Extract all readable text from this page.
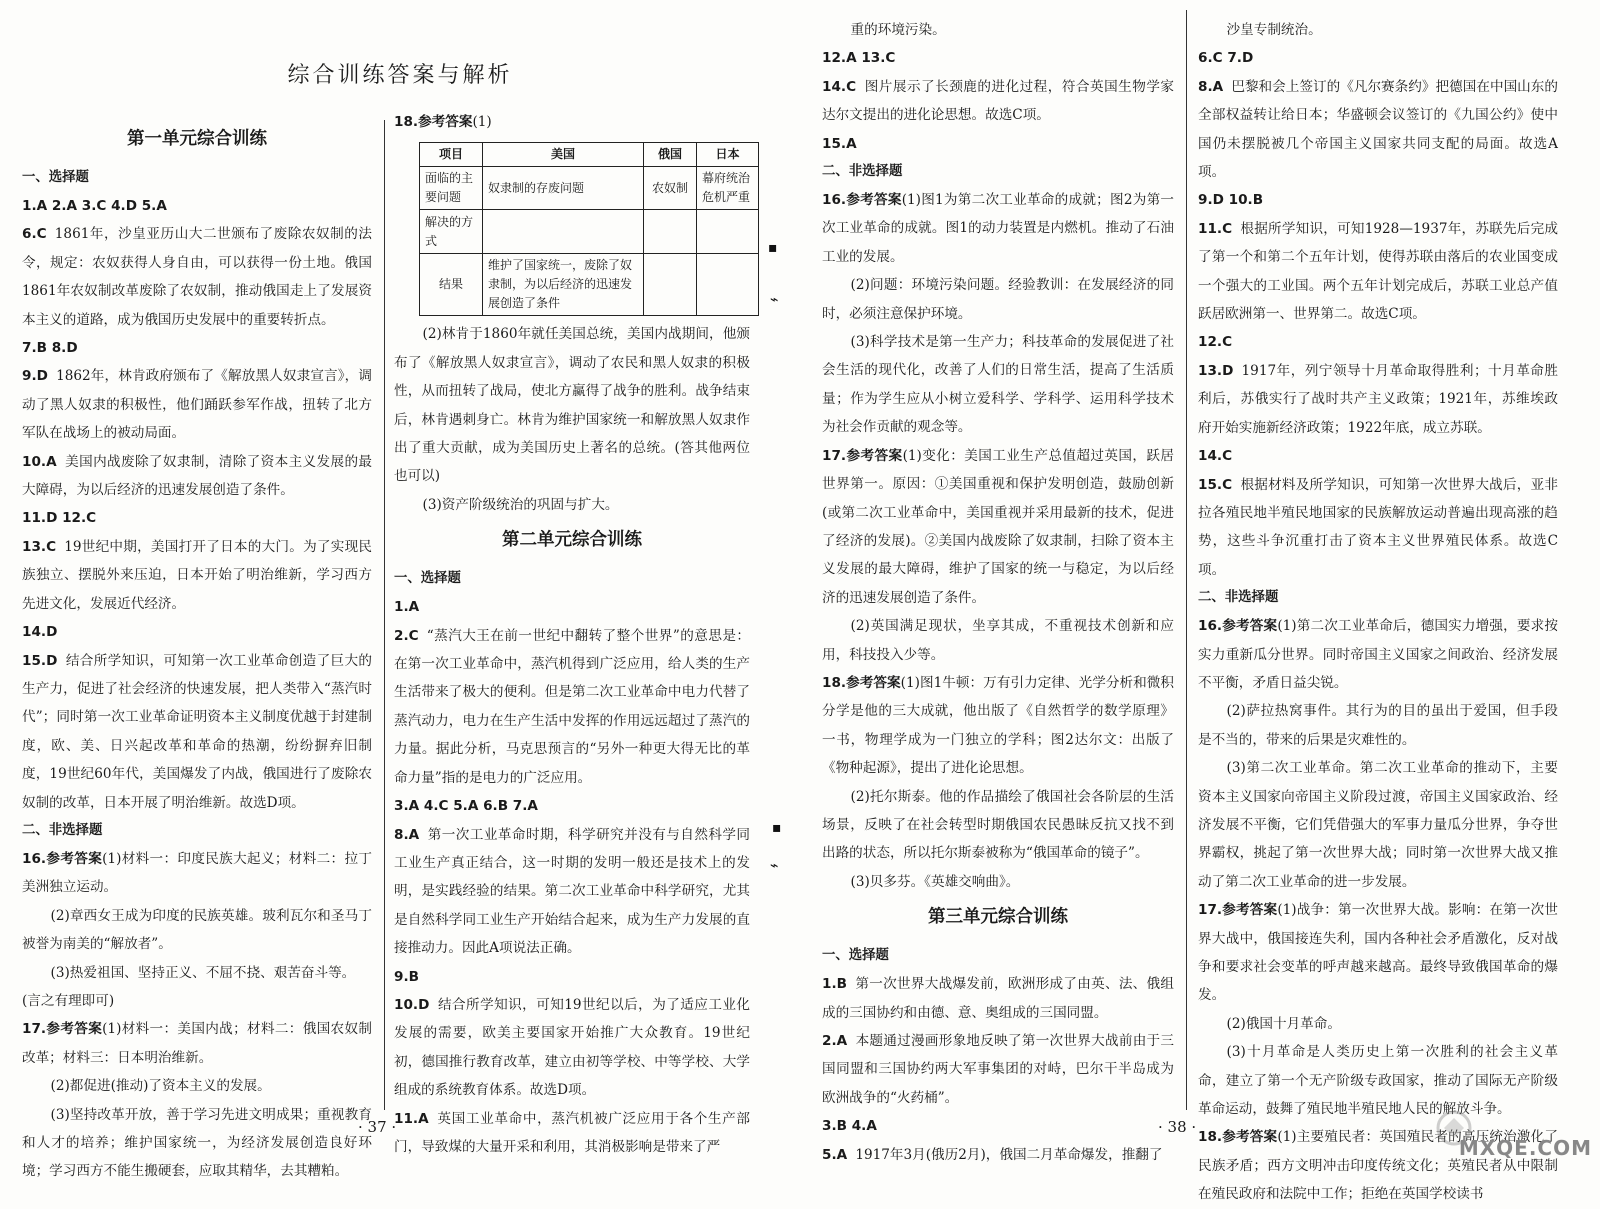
综合训练答案与解析
第一单元综合训练

一、选择题

1.A 2.A 3.C 4.D 5.A

6.C 1861年，沙皇亚历山大二世颁布了废除农奴制的法令，规定：农奴获得人身自由，可以获得一份土地。俄国1861年农奴制改革废除了农奴制，推动俄国走上了发展资本主义的道路，成为俄国历史发展中的重要转折点。

7.B 8.D

9.D 1862年，林肯政府颁布了《解放黑人奴隶宣言》，调动了黑人奴隶的积极性，他们踊跃参军作战，扭转了北方军队在战场上的被动局面。

10.A 美国内战废除了奴隶制，清除了资本主义发展的最大障碍，为以后经济的迅速发展创造了条件。

11.D 12.C

13.C 19世纪中期，美国打开了日本的大门。为了实现民族独立、摆脱外来压迫，日本开始了明治维新，学习西方先进文化，发展近代经济。

14.D

15.D 结合所学知识，可知第一次工业革命创造了巨大的生产力，促进了社会经济的快速发展，把人类带入“蒸汽时代”；同时第一次工业革命证明资本主义制度优越于封建制度，欧、美、日兴起改革和革命的热潮，纷纷摒弃旧制度，19世纪60年代，美国爆发了内战，俄国进行了废除农奴制的改革，日本开展了明治维新。故选D项。

二、非选择题

16.参考答案(1)材料一：印度民族大起义；材料二：拉丁美洲独立运动。

(2)章西女王成为印度的民族英雄。玻利瓦尔和圣马丁被誉为南美的“解放者”。

(3)热爱祖国、坚持正义、不屈不挠、艰苦奋斗等。

(言之有理即可)

17.参考答案(1)材料一：美国内战；材料二：俄国农奴制改革；材料三：日本明治维新。

(2)都促进(推动)了资本主义的发展。

(3)坚持改革开放，善于学习先进文明成果；重视教育和人才的培养；维护国家统一，为经济发展创造良好环境；学习西方不能生搬硬套，应取其精华，去其糟粕。

18.参考答案(1)

项目	美国	俄国	日本
面临的主要问题	奴隶制的存废问题	农奴制	幕府统治危机严重
解决的方式			
结果	维护了国家统一，废除了奴隶制，为以后经济的迅速发展创造了条件		

(2)林肯于1860年就任美国总统，美国内战期间，他颁布了《解放黑人奴隶宣言》，调动了农民和黑人奴隶的积极性，从而扭转了战局，使北方赢得了战争的胜利。战争结束后，林肯遇刺身亡。林肯为维护国家统一和解放黑人奴隶作出了重大贡献，成为美国历史上著名的总统。(答其他两位也可以)

(3)资产阶级统治的巩固与扩大。

第二单元综合训练

一、选择题

1.A

2.C “蒸汽大王在前一世纪中翻转了整个世界”的意思是：在第一次工业革命中，蒸汽机得到广泛应用，给人类的生产生活带来了极大的便利。但是第二次工业革命中电力代替了蒸汽动力，电力在生产生活中发挥的作用远远超过了蒸汽的力量。据此分析，马克思预言的“另外一种更大得无比的革命力量”指的是电力的广泛应用。

3.A 4.C 5.A 6.B 7.A

8.A 第一次工业革命时期，科学研究并没有与自然科学同工业生产真正结合，这一时期的发明一般还是技术上的发明，是实践经验的结果。第二次工业革命中科学研究，尤其是自然科学同工业生产开始结合起来，成为生产力发展的直接推动力。因此A项说法正确。

9.B

10.D 结合所学知识，可知19世纪以后，为了适应工业化发展的需要，欧美主要国家开始推广大众教育。19世纪初，德国推行教育改革，建立由初等学校、中等学校、大学组成的系统教育体系。故选D项。

11.A 英国工业革命中，蒸汽机被广泛应用于各个生产部门，导致煤的大量开采和利用，其消极影响是带来了严

· 37 ·
▪
⌁
▪
⌁

重的环境污染。

12.A 13.C

14.C 图片展示了长颈鹿的进化过程，符合英国生物学家达尔文提出的进化论思想。故选C项。

15.A

二、非选择题

16.参考答案(1)图1为第二次工业革命的成就；图2为第一次工业革命的成就。图1的动力装置是内燃机。推动了石油工业的发展。

(2)问题：环境污染问题。经验教训：在发展经济的同时，必须注意保护环境。

(3)科学技术是第一生产力；科技革命的发展促进了社会生活的现代化，改善了人们的日常生活，提高了生活质量；作为学生应从小树立爱科学、学科学、运用科学技术为社会作贡献的观念等。

17.参考答案(1)变化：美国工业生产总值超过英国，跃居世界第一。原因：①美国重视和保护发明创造，鼓励创新(或第二次工业革命中，美国重视并采用最新的技术，促进了经济的发展)。②美国内战废除了奴隶制，扫除了资本主义发展的最大障碍，维护了国家的统一与稳定，为以后经济的迅速发展创造了条件。

(2)英国满足现状，坐享其成，不重视技术创新和应用，科技投入少等。

18.参考答案(1)图1牛顿：万有引力定律、光学分析和微积分学是他的三大成就，他出版了《自然哲学的数学原理》一书，物理学成为一门独立的学科；图2达尔文：出版了《物种起源》，提出了进化论思想。

(2)托尔斯泰。他的作品描绘了俄国社会各阶层的生活场景，反映了在社会转型时期俄国农民愚昧反抗又找不到出路的状态，所以托尔斯泰被称为“俄国革命的镜子”。

(3)贝多芬。《英雄交响曲》。

第三单元综合训练

一、选择题

1.B 第一次世界大战爆发前，欧洲形成了由英、法、俄组成的三国协约和由德、意、奥组成的三国同盟。

2.A 本题通过漫画形象地反映了第一次世界大战前由于三国同盟和三国协约两大军事集团的对峙，巴尔干半岛成为欧洲战争的“火药桶”。

3.B 4.A

5.A 1917年3月(俄历2月)，俄国二月革命爆发，推翻了

沙皇专制统治。

6.C 7.D

8.A 巴黎和会上签订的《凡尔赛条约》把德国在中国山东的全部权益转让给日本；华盛顿会议签订的《九国公约》使中国仍未摆脱被几个帝国主义国家共同支配的局面。故选A项。

9.D 10.B

11.C 根据所学知识，可知1928—1937年，苏联先后完成了第一个和第二个五年计划，使得苏联由落后的农业国变成一个强大的工业国。两个五年计划完成后，苏联工业总产值跃居欧洲第一、世界第二。故选C项。

12.C

13.D 1917年，列宁领导十月革命取得胜利；十月革命胜利后，苏俄实行了战时共产主义政策；1921年，苏维埃政府开始实施新经济政策；1922年底，成立苏联。

14.C

15.C 根据材料及所学知识，可知第一次世界大战后，亚非拉各殖民地半殖民地国家的民族解放运动普遍出现高涨的趋势，这些斗争沉重打击了资本主义世界殖民体系。故选C项。

二、非选择题

16.参考答案(1)第二次工业革命后，德国实力增强，要求按实力重新瓜分世界。同时帝国主义国家之间政治、经济发展不平衡，矛盾日益尖锐。

(2)萨拉热窝事件。其行为的目的虽出于爱国，但手段是不当的，带来的后果是灾难性的。

(3)第二次工业革命。第二次工业革命的推动下，主要资本主义国家向帝国主义阶段过渡，帝国主义国家政治、经济发展不平衡，它们凭借强大的军事力量瓜分世界，争夺世界霸权，挑起了第一次世界大战；同时第一次世界大战又推动了第二次工业革命的进一步发展。

17.参考答案(1)战争：第一次世界大战。影响：在第一次世界大战中，俄国接连失利，国内各种社会矛盾激化，反对战争和要求社会变革的呼声越来越高。最终导致俄国革命的爆发。

(2)俄国十月革命。

(3)十月革命是人类历史上第一次胜利的社会主义革命，建立了第一个无产阶级专政国家，推动了国际无产阶级革命运动，鼓舞了殖民地半殖民地人民的解放斗争。

18.参考答案(1)主要殖民者：英国殖民者的高压统治激化了民族矛盾；西方文明冲击印度传统文化；英殖民者从中限制在殖民政府和法院中工作；拒绝在英国学校读书

· 38 ·
MXQE.COM
